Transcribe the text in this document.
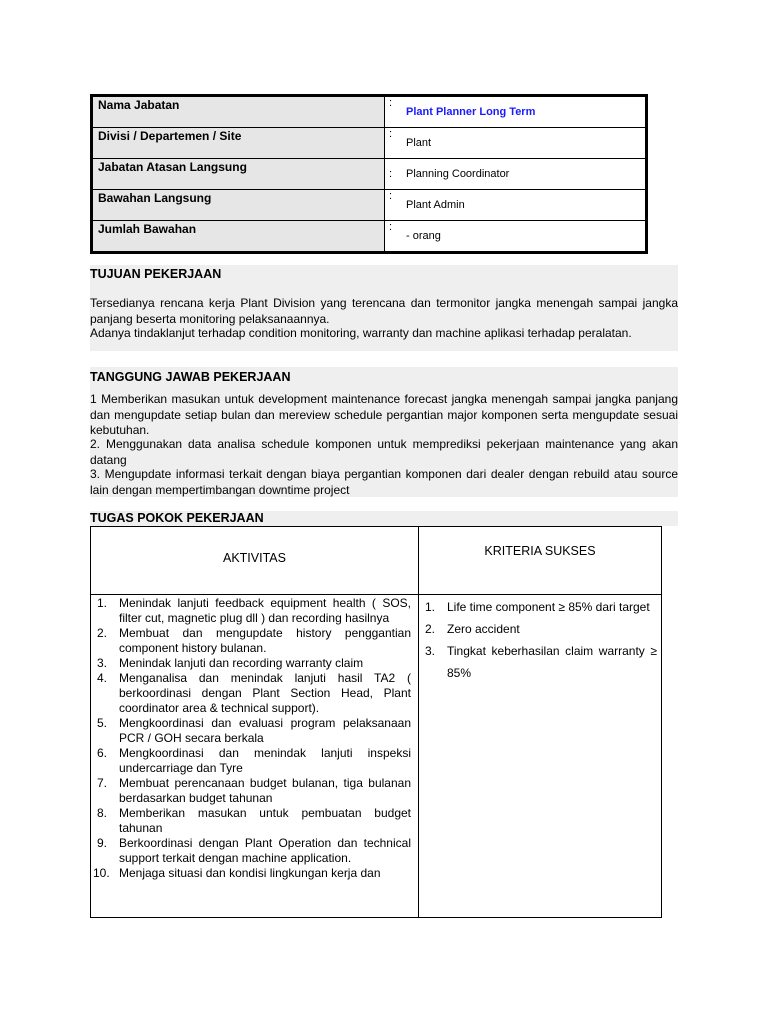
Nama Jabatan	:
Plant Planner Long Term

Divisi / Departemen / Site	:
Plant

Jabatan Atasan Langsung	: Planning Coordinator

Bawahan Langsung	:
Plant Admin

Jumlah Bawahan	:
- orang
TUJUAN PEKERJAAN
Tersedianya rencana kerja Plant Division yang terencana dan termonitor jangka menengah sampai jangka panjang beserta monitoring pelaksanaannya.
Adanya tindaklanjut terhadap condition monitoring, warranty dan machine aplikasi terhadap peralatan.
TANGGUNG JAWAB PEKERJAAN
1 Memberikan masukan untuk development maintenance forecast jangka menengah sampai jangka panjang dan mengupdate setiap bulan dan mereview schedule pergantian major komponen serta mengupdate sesuai kebutuhan.
2. Menggunakan data analisa schedule komponen untuk memprediksi pekerjaan maintenance yang akan datang
3. Mengupdate informasi terkait dengan biaya pergantian komponen dari dealer dengan rebuild atau source lain dengan mempertimbangan downtime project
TUGAS POKOK PEKERJAAN
AKTIVITAS	KRITERIA SUKSES
1. Menindak lanjuti feedback equipment health ( SOS, filter cut, magnetic plug dll ) dan recording hasilnya
2. Membuat dan mengupdate history penggantian component history bulanan.
3. Menindak lanjuti dan recording warranty claim
4. Menganalisa dan menindak lanjuti hasil TA2 ( berkoordinasi dengan Plant Section Head, Plant coordinator area & technical support).
5. Mengkoordinasi dan evaluasi program pelaksanaan PCR / GOH secara berkala
6. Mengkoordinasi dan menindak lanjuti inspeksi undercarriage dan Tyre
7. Membuat perencanaan budget bulanan, tiga bulanan berdasarkan budget tahunan
8. Memberikan masukan untuk pembuatan budget tahunan
9. Berkoordinasi dengan Plant Operation dan technical support terkait dengan machine application.
10. Menjaga situasi dan kondisi lingkungan kerja dan
1. Life time component ≥ 85% dari target
2. Zero accident
3. Tingkat keberhasilan claim warranty ≥ 85%
